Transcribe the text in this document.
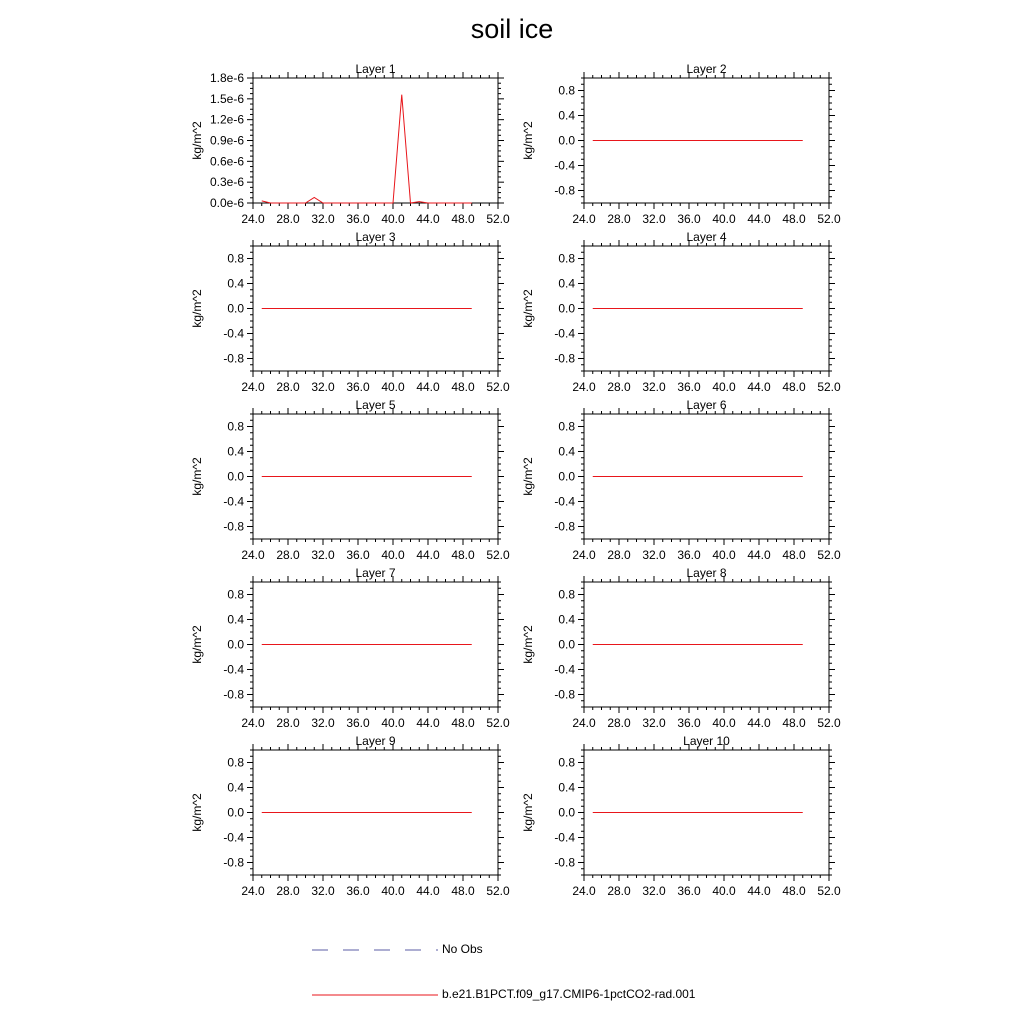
soil ice
Layer 1
kg/m^2
24.0 28.0 32.0 36.0 40.0 44.0 48.0 52.0
0.0e-6
0.3e-6
0.6e-6
0.9e-6
1.2e-6
1.5e-6
1.8e-6
Layer 2
kg/m^2
24.0 28.0 32.0 36.0 40.0 44.0 48.0 52.0
-0.8
-0.4
0.0
0.4
0.8
Layer 3
kg/m^2
24.0 28.0 32.0 36.0 40.0 44.0 48.0 52.0
-0.8
-0.4
0.0
0.4
0.8
Layer 4
kg/m^2
24.0 28.0 32.0 36.0 40.0 44.0 48.0 52.0
-0.8
-0.4
0.0
0.4
0.8
Layer 5
kg/m^2
24.0 28.0 32.0 36.0 40.0 44.0 48.0 52.0
-0.8
-0.4
0.0
0.4
0.8
Layer 6
kg/m^2
24.0 28.0 32.0 36.0 40.0 44.0 48.0 52.0
-0.8
-0.4
0.0
0.4
0.8
Layer 7
kg/m^2
24.0 28.0 32.0 36.0 40.0 44.0 48.0 52.0
-0.8
-0.4
0.0
0.4
0.8
Layer 8
kg/m^2
24.0 28.0 32.0 36.0 40.0 44.0 48.0 52.0
-0.8
-0.4
0.0
0.4
0.8
Layer 9
kg/m^2
24.0 28.0 32.0 36.0 40.0 44.0 48.0 52.0
-0.8
-0.4
0.0
0.4
0.8
Layer 10
kg/m^2
24.0 28.0 32.0 36.0 40.0 44.0 48.0 52.0
-0.8
-0.4
0.0
0.4
0.8
No Obs
b.e21.B1PCT.f09_g17.CMIP6-1pctCO2-rad.001
